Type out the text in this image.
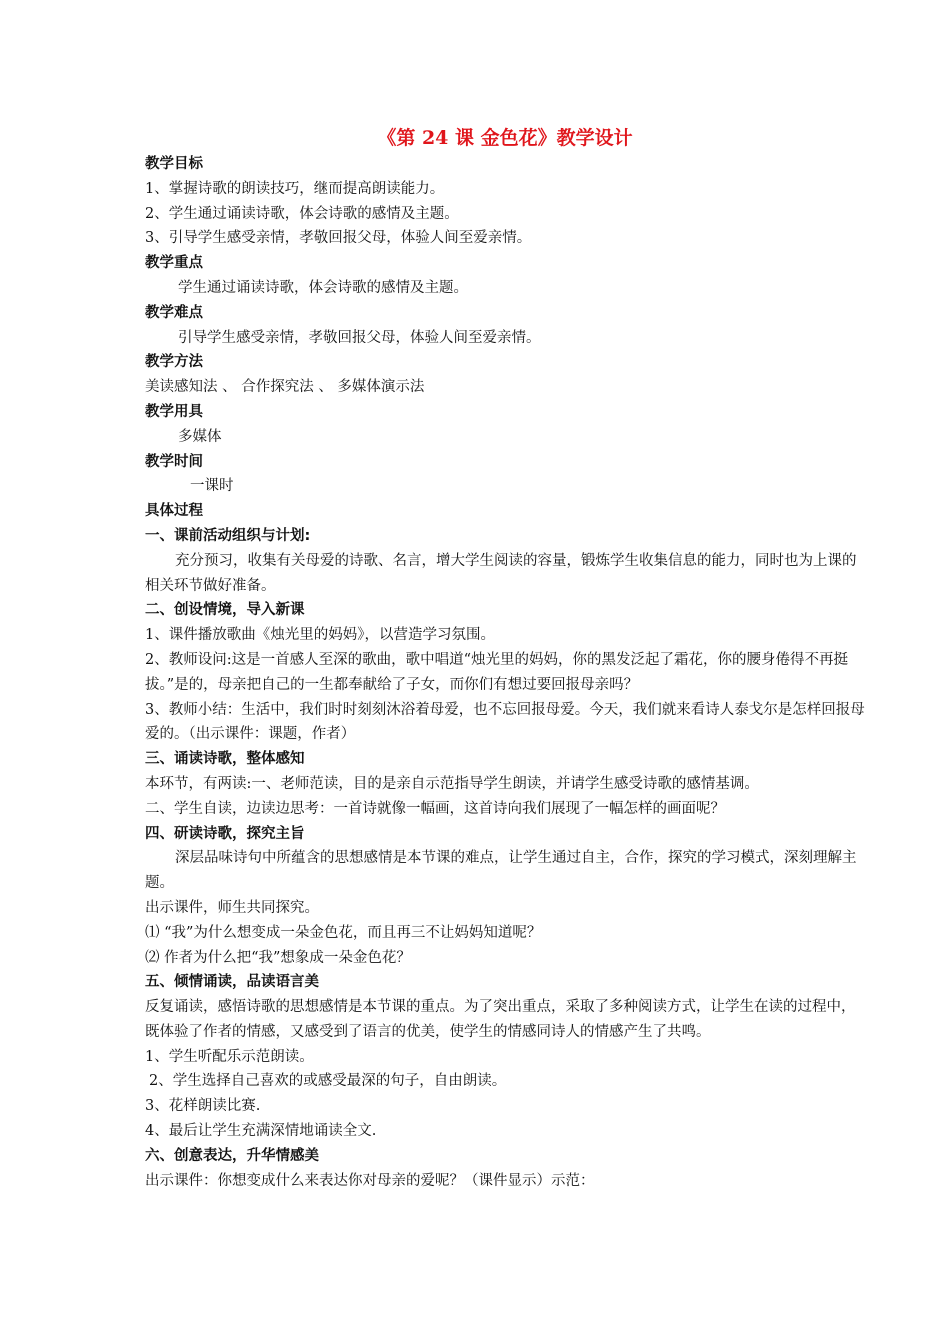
《第 24 课 金色花》教学设计
教学目标
1、掌握诗歌的朗读技巧，继而提高朗读能力。
2、学生通过诵读诗歌，体会诗歌的感情及主题。
3、引导学生感受亲情，孝敬回报父母，体验人间至爱亲情。
教学重点
学生通过诵读诗歌，体会诗歌的感情及主题。
教学难点
引导学生感受亲情，孝敬回报父母，体验人间至爱亲情。
教学方法
美读感知法 、 合作探究法 、 多媒体演示法
教学用具
多媒体
教学时间
一课时
具体过程
一、课前活动组织与计划:
充分预习，收集有关母爱的诗歌、名言，增大学生阅读的容量，锻炼学生收集信息的能力，同时也为上课的相关环节做好准备。
二、创设情境，导入新课
1、课件播放歌曲《烛光里的妈妈》，以营造学习氛围。
2、教师设问:这是一首感人至深的歌曲，歌中唱道“烛光里的妈妈，你的黑发泛起了霜花，你的腰身倦得不再挺拔。”是的，母亲把自己的一生都奉献给了子女，而你们有想过要回报母亲吗？
3、教师小结：生活中，我们时时刻刻沐浴着母爱，也不忘回报母爱。今天，我们就来看诗人泰戈尔是怎样回报母爱的。（出示课件：课题，作者）
三、诵读诗歌，整体感知
本环节，有两读:一、老师范读，目的是亲自示范指导学生朗读，并请学生感受诗歌的感情基调。
二、学生自读，边读边思考：一首诗就像一幅画，这首诗向我们展现了一幅怎样的画面呢？
四、研读诗歌，探究主旨
深层品味诗句中所蕴含的思想感情是本节课的难点，让学生通过自主，合作，探究的学习模式，深刻理解主题。
出示课件，师生共同探究。
⑴ “我”为什么想变成一朵金色花，而且再三不让妈妈知道呢？
⑵ 作者为什么把“我”想象成一朵金色花？
五、倾情诵读，品读语言美
反复诵读，感悟诗歌的思想感情是本节课的重点。为了突出重点，采取了多种阅读方式，让学生在读的过程中，既体验了作者的情感，又感受到了语言的优美，使学生的情感同诗人的情感产生了共鸣。
1、学生听配乐示范朗读。
2、学生选择自己喜欢的或感受最深的句子，自由朗读。
3、花样朗读比赛.
4、最后让学生充满深情地诵读全文.
六、创意表达，升华情感美
出示课件：你想变成什么来表达你对母亲的爱呢？（课件显示）示范：
